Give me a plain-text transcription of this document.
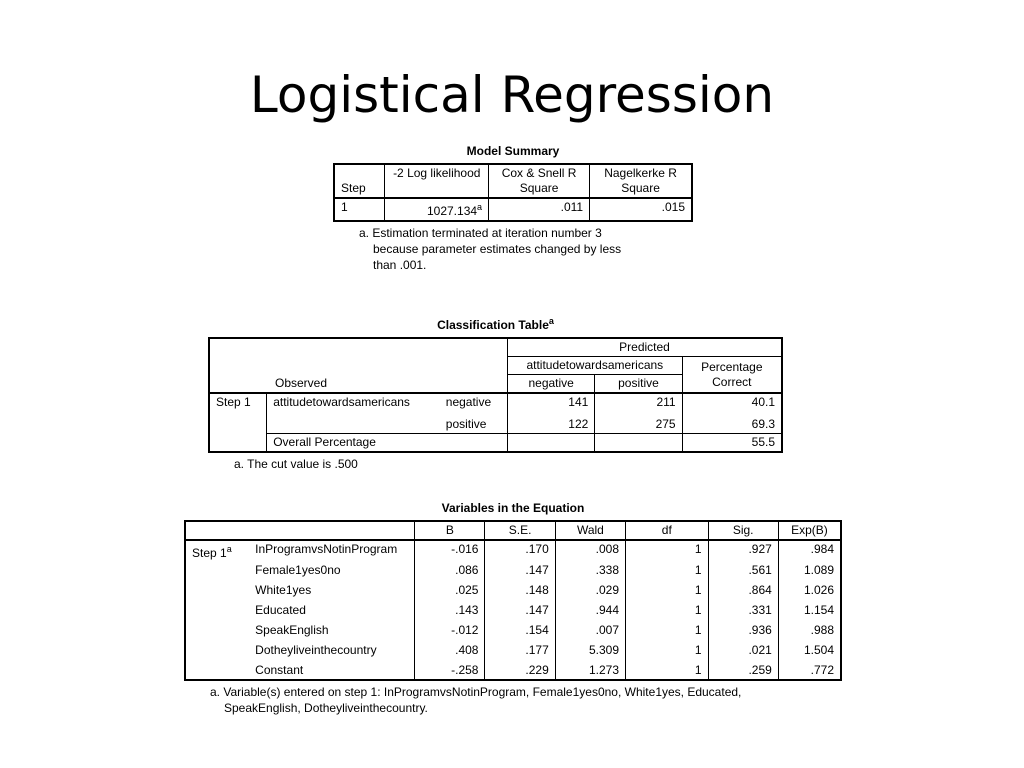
Logistical Regression
Model Summary
Step	-2 Log likelihood	Cox & Snell R Square	Nagelkerke R Square
1	1027.134$^a$	.011	.015
a. Estimation terminated at iteration number 3
because parameter estimates changed by less
than .001.
Classification Table$^a$
Observed			Predicted		
			attitudetowardsamericans		Percentage Correct
			negative	positive	
Step 1	attitudetowardsamericans	negative	141	211	40.1
		positive	122	275	69.3
	Overall Percentage				55.5
a. The cut value is .500
Variables in the Equation
		B	S.E.	Wald	df	Sig.	Exp(B)
Step 1$^a$	InProgramvsNotinProgram	-.016	.170	.008	1	.927	.984
	Female1yes0no	.086	.147	.338	1	.561	1.089
	White1yes	.025	.148	.029	1	.864	1.026
	Educated	.143	.147	.944	1	.331	1.154
	SpeakEnglish	-.012	.154	.007	1	.936	.988
	Dotheyliveinthecountry	.408	.177	5.309	1	.021	1.504
	Constant	-.258	.229	1.273	1	.259	.772
a. Variable(s) entered on step 1: InProgramvsNotinProgram, Female1yes0no, White1yes, Educated,
SpeakEnglish, Dotheyliveinthecountry.
